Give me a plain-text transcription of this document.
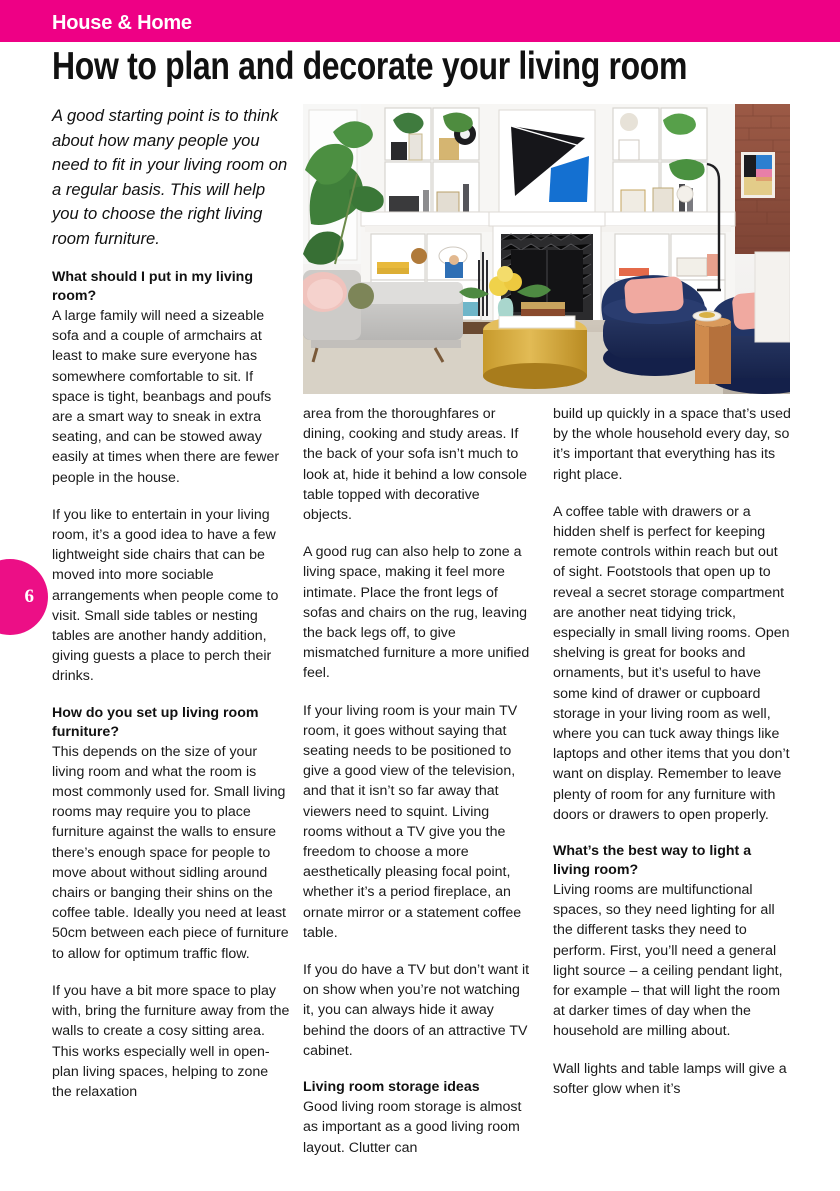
House & Home
How to plan and decorate your living room
6

A good starting point is to think about how many people you need to fit in your living room on a regular basis. This will help you to choose the right living room furniture.

What should I put in my living room?

A large family will need a sizeable sofa and a couple of armchairs at least to make sure everyone has somewhere comfortable to sit. If space is tight, beanbags and poufs are a smart way to sneak in extra seating, and can be stowed away easily at times when there are fewer people in the house.

If you like to entertain in your living room, it’s a good idea to have a few lightweight side chairs that can be moved into more sociable arrangements when people come to visit. Small side tables or nesting tables are another handy addition, giving guests a place to perch their drinks.

How do you set up living room furniture?

This depends on the size of your living room and what the room is most commonly used for. Small living rooms may require you to place furniture against the walls to ensure there’s enough space for people to move about without sidling around chairs or banging their shins on the coffee table. Ideally you need at least 50cm between each piece of furniture to allow for optimum traffic flow.

If you have a bit more space to play with, bring the furniture away from the walls to create a cosy sitting area. This works especially well in open-plan living spaces, helping to zone the relaxation

area from the thoroughfares or dining, cooking and study areas. If the back of your sofa isn’t much to look at, hide it behind a low console table topped with decorative objects.

A good rug can also help to zone a living space, making it feel more intimate. Place the front legs of sofas and chairs on the rug, leaving the back legs off, to give mismatched furniture a more unified feel.

If your living room is your main TV room, it goes without saying that seating needs to be positioned to give a good view of the television, and that it isn’t so far away that viewers need to squint. Living rooms without a TV give you the freedom to choose a more aesthetically pleasing focal point, whether it’s a period fireplace, an ornate mirror or a statement coffee table.

If you do have a TV but don’t want it on show when you’re not watching it, you can always hide it away behind the doors of an attractive TV cabinet.

Living room storage ideas

Good living room storage is almost as important as a good living room layout. Clutter can

build up quickly in a space that’s used by the whole household every day, so it’s important that everything has its right place.

A coffee table with drawers or a hidden shelf is perfect for keeping remote controls within reach but out of sight. Footstools that open up to reveal a secret storage compartment are another neat tidying trick, especially in small living rooms. Open shelving is great for books and ornaments, but it’s useful to have some kind of drawer or cupboard storage in your living room as well, where you can tuck away things like laptops and other items that you don’t want on display. Remember to leave plenty of room for any furniture with doors or drawers to open properly.

What’s the best way to light a living room?

Living rooms are multifunctional spaces, so they need lighting for all the different tasks they need to perform. First, you’ll need a general light source – a ceiling pendant light, for example – that will light the room at darker times of day when the household are milling about.

Wall lights and table lamps will give a softer glow when it’s
